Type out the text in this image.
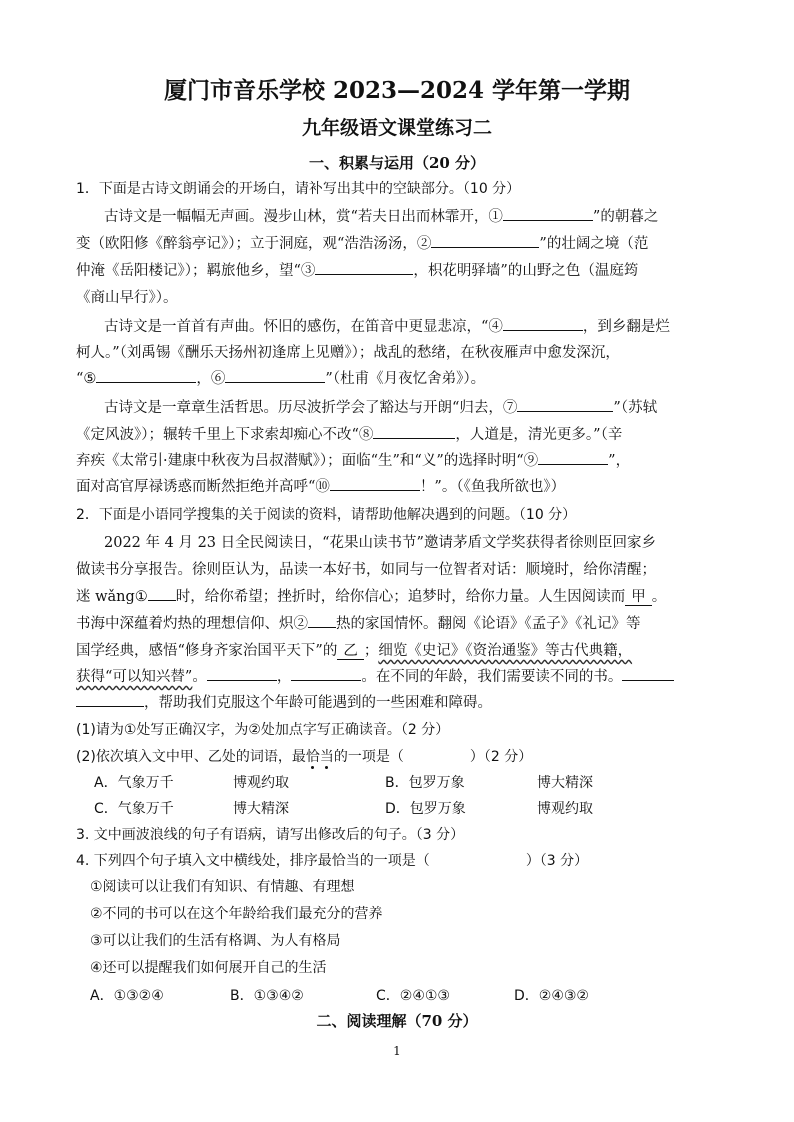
厦门市音乐学校 2023—2024 学年第一学期
九年级语文课堂练习二
一、积累与运用（20 分）
1．下面是古诗文朗诵会的开场白，请补写出其中的空缺部分。（10 分）
古诗文是一幅幅无声画。漫步山林，赏“若夫日出而林霏开，①	”的朝暮之
变（欧阳修《醉翁亭记》）；立于洞庭，观“浩浩汤汤，②	”的壮阔之境（范
仲淹《岳阳楼记》）；羁旅他乡，望“③	，枳花明驿墙”的山野之色（温庭筠
《商山早行》）。
古诗文是一首首有声曲。怀旧的感伤，在笛音中更显悲凉，“④	，到乡翻是烂
柯人。”（刘禹锡《酬乐天扬州初逢席上见赠》）；战乱的愁绪，在秋夜雁声中愈发深沉，
“⑤	，⑥	”（杜甫《月夜忆舍弟》）。
古诗文是一章章生活哲思。历尽波折学会了豁达与开朗“归去，⑦	”（苏轼
《定风波》）；辗转千里上下求索却痴心不改“⑧	，人道是，清光更多。”（辛
弃疾《太常引·建康中秋夜为吕叔潜赋》）；面临“生”和“义”的选择时明“⑨	”，
面对高官厚禄诱惑而断然拒绝并高呼“⑩	！”。（《鱼我所欲也》）
2．下面是小语同学搜集的关于阅读的资料，请帮助他解决遇到的问题。（10 分）
2022 年 4 月 23 日全民阅读日，“花果山读书节”邀请茅盾文学奖获得者徐则臣回家乡
做读书分享报告。徐则臣认为，品读一本好书，如同与一位智者对话：顺境时，给你清醒；
迷 wǎng① 时，给你希望；挫折时，给你信心；追梦时，给你力量。人生因阅读而 甲 。
书海中深蕴着灼热的理想信仰、炽② 热的家国情怀。翻阅《论语》《孟子》《礼记》等
国学经典，感悟“修身齐家治国平天下”的 乙 ；细览《史记》《资治通鉴》等古代典籍，
获得“可以知兴替”。	，	。在不同的年龄，我们需要读不同的书。
，帮助我们克服这个年龄可能遇到的一些困难和障碍。
(1)请为①处写正确汉字，为②处加点字写正确读音。（2 分）
(2)依次填入文中甲、乙处的词语，最恰当的一项是（	）（2 分）
A．气象万千	博观约取	B．包罗万象	博大精深
C．气象万千	博大精深	D．包罗万象	博观约取
3. 文中画波浪线的句子有语病，请写出修改后的句子。（3 分）
4. 下列四个句子填入文中横线处，排序最恰当的一项是（	）（3 分）
①阅读可以让我们有知识、有情趣、有理想
②不同的书可以在这个年龄给我们最充分的营养
③可以让我们的生活有格调、为人有格局
④还可以提醒我们如何展开自己的生活
A．①③②④	B．①③④②	C．②④①③	D．②④③②
二、阅读理解（70 分）
1
